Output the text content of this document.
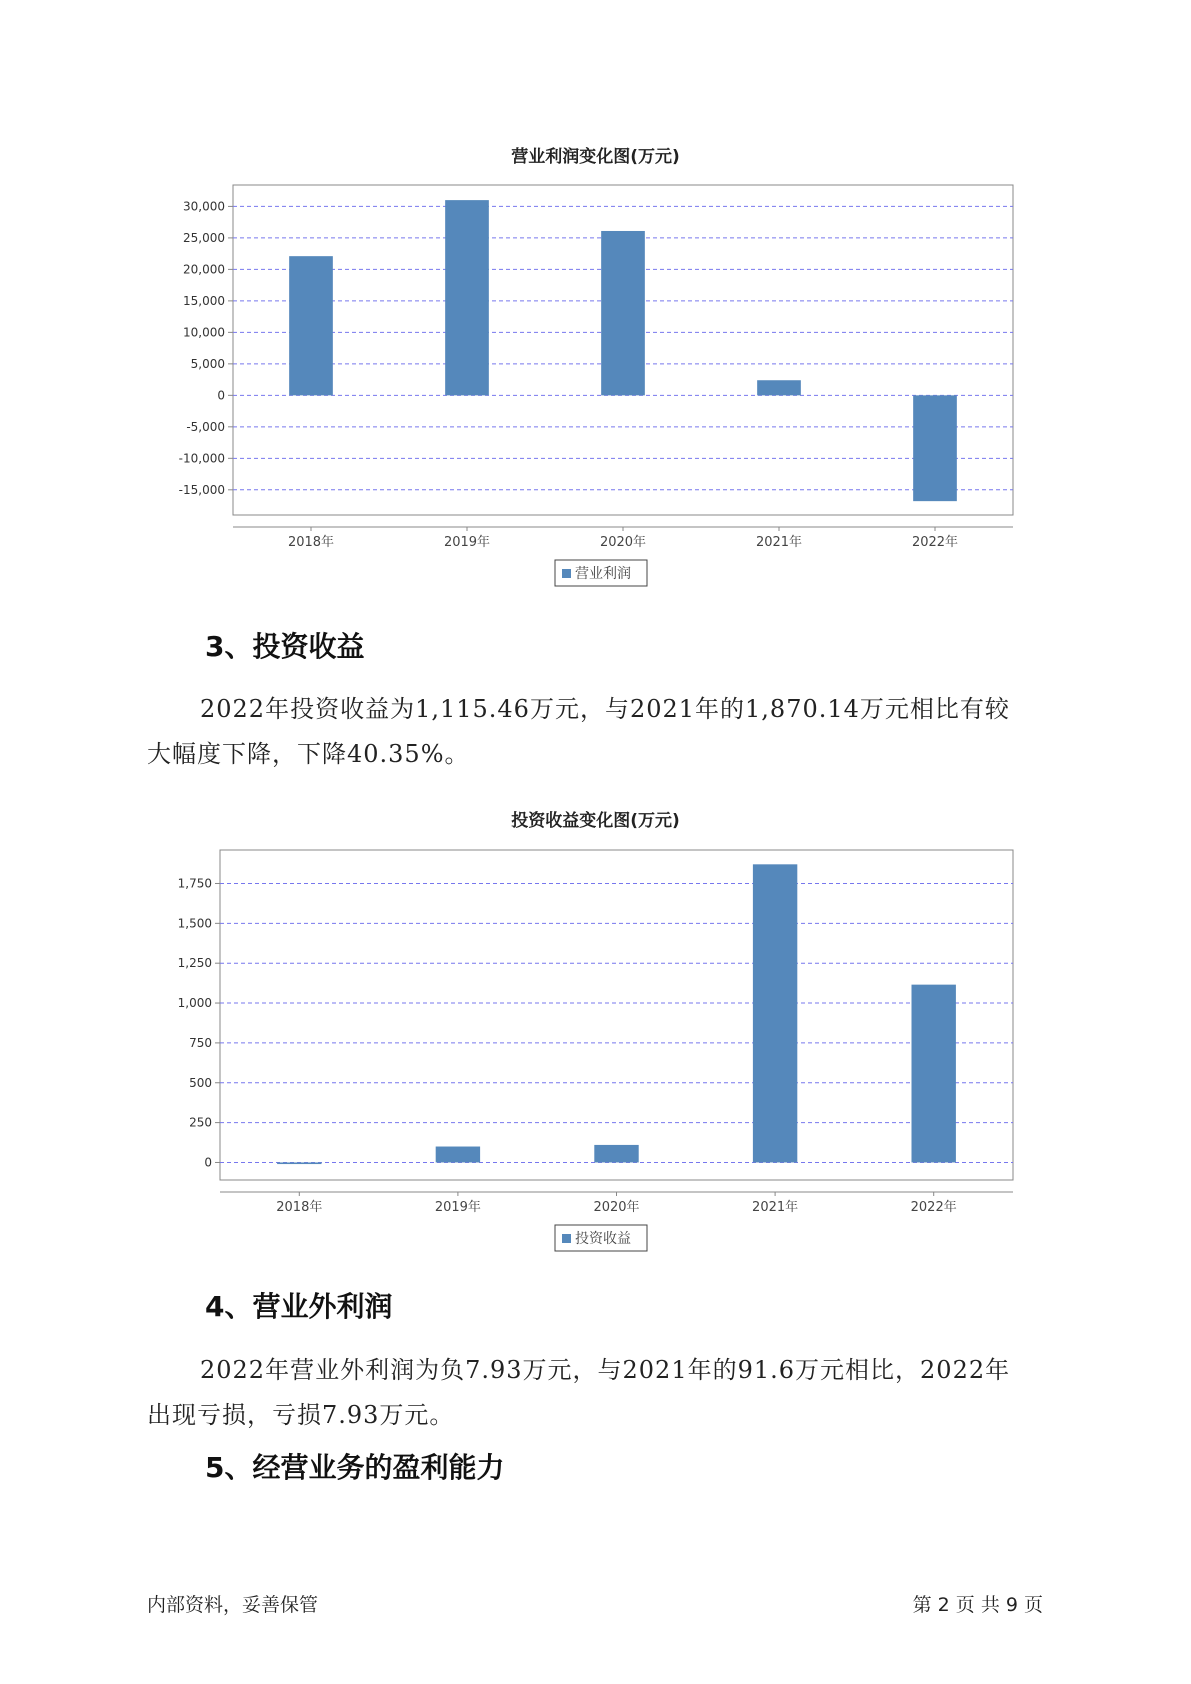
营业利润变化图(万元)
30,000
25,000
20,000
15,000
10,000
5,000
0
-5,000
-10,000
-15,000
2018年	2019年	2020年	2021年	2022年
营业利润
3、投资收益

2022年投资收益为1,115.46万元，与2021年的1,870.14万元相比有较
大幅度下降，下降40.35%。

投资收益变化图(万元)
1,750
1,500
1,250
1,000
750
500
250
0
2018年	2019年	2020年	2021年	2022年
投资收益
4、营业外利润

2022年营业外利润为负7.93万元，与2021年的91.6万元相比，2022年
出现亏损，亏损7.93万元。

5、经营业务的盈利能力
内部资料，妥善保管	第 2 页 共 9 页
